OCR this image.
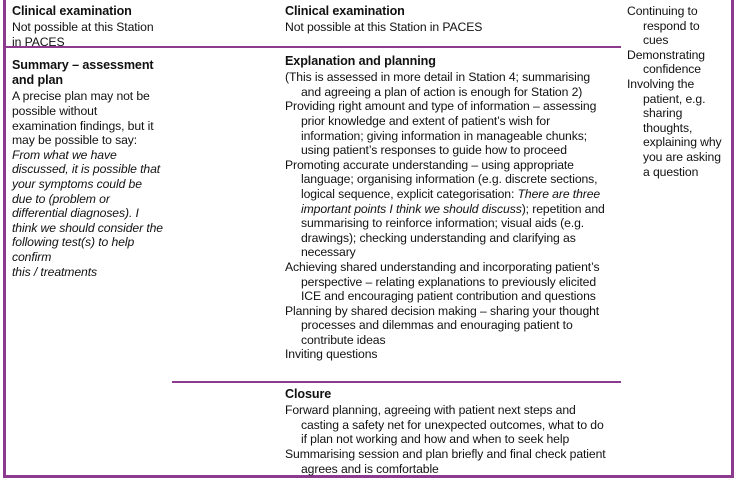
Clinical examination

Not possible at this Station in PACES

Summary – assessment and plan

A precise plan may not be possible without examination findings, but it may be possible to say:

From what we have discussed, it is possible that your symptoms could be due to (problem or differential diagnoses). I think we should consider the following test(s) to help confirm

this / treatments

Clinical examination

Not possible at this Station in PACES

Explanation and planning

(This is assessed in more detail in Station 4; summarising and agreeing a plan of action is enough for Station 2)

Providing right amount and type of information – assessing prior knowledge and extent of patient’s wish for information; giving information in manageable chunks; using patient’s responses to guide how to proceed

Promoting accurate understanding – using appropriate language; organising information (e.g. discrete sections, logical sequence, explicit categorisation: There are three important points I think we should discuss); repetition and summarising to reinforce information; visual aids (e.g. drawings); checking understanding and clarifying as necessary

Achieving shared understanding and incorporating patient’s perspective – relating explanations to previously elicited ICE and encouraging patient contribution and questions

Planning by shared decision making – sharing your thought processes and dilemmas and enouraging patient to contribute ideas

Inviting questions

Closure

Forward planning, agreeing with patient next steps and casting a safety net for unexpected outcomes, what to do if plan not working and how and when to seek help

Summarising session and plan briefly and final check patient agrees and is comfortable

Continuing to respond to cues

Demonstrating confidence

Involving the patient, e.g. sharing thoughts, explaining why you are asking a question
